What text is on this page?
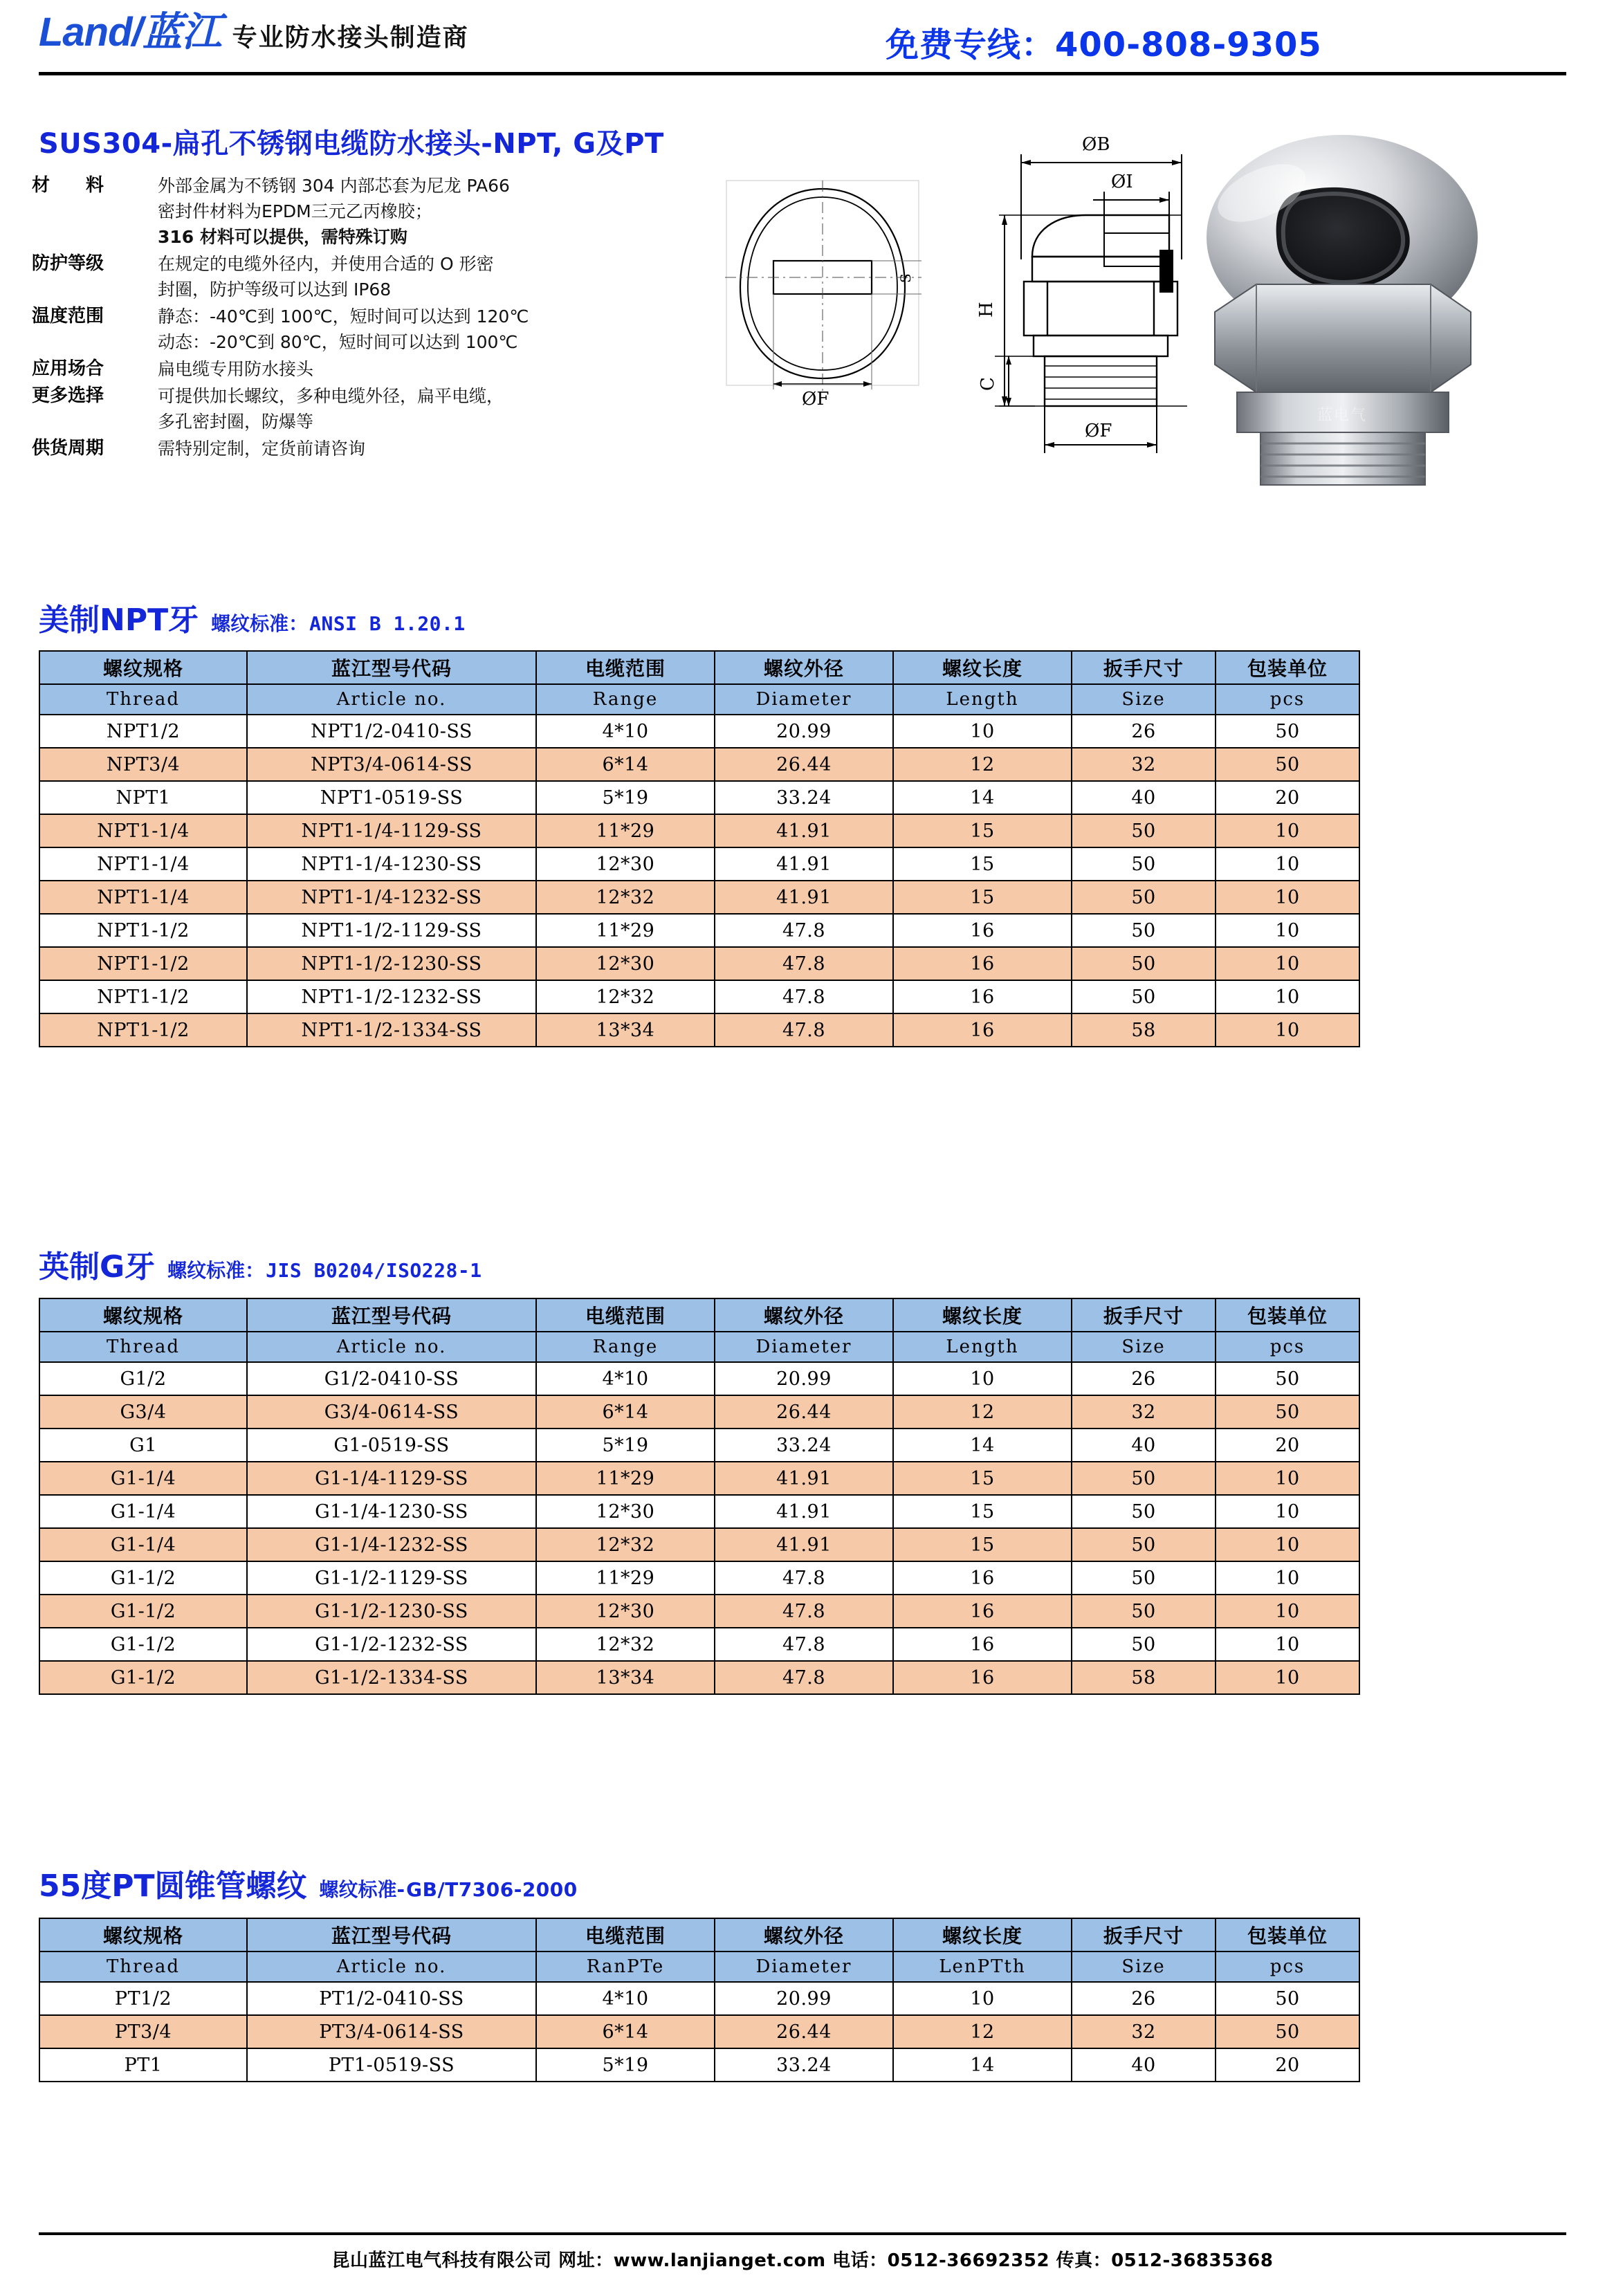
Land/蓝江 专业防水接头制造商	免费专线：400-808-9305
SUS304-扁孔不锈钢电缆防水接头-NPT, G及PT
材　　料	外部金属为不锈钢 304 内部芯套为尼龙 PA66
密封件材料为EPDM三元乙丙橡胶；
316 材料可以提供，需特殊订购
防护等级	在规定的电缆外径内，并使用合适的 O 形密
封圈，防护等级可以达到 IP68
温度范围	静态：-40℃到 100℃，短时间可以达到 120℃
动态：-20℃到 80℃，短时间可以达到 100℃
应用场合	扁电缆专用防水接头
更多选择	可提供加长螺纹，多种电缆外径，扁平电缆，
多孔密封圈，防爆等
供货周期	需特别定制，定货前请咨询
ØF
S
ØB
ØI
H
C
ØF
蓝电气
美制NPT牙 螺纹标准：ANSI B 1.20.1
螺纹规格	蓝江型号代码	电缆范围	螺纹外径	螺纹长度	扳手尺寸	包装单位
Thread	Article no.	Range	Diameter	Length	Size	pcs
NPT1/2	NPT1/2-0410-SS	4*10	20.99	10	26	50
NPT3/4	NPT3/4-0614-SS	6*14	26.44	12	32	50
NPT1	NPT1-0519-SS	5*19	33.24	14	40	20
NPT1-1/4	NPT1-1/4-1129-SS	11*29	41.91	15	50	10
NPT1-1/4	NPT1-1/4-1230-SS	12*30	41.91	15	50	10
NPT1-1/4	NPT1-1/4-1232-SS	12*32	41.91	15	50	10
NPT1-1/2	NPT1-1/2-1129-SS	11*29	47.8	16	50	10
NPT1-1/2	NPT1-1/2-1230-SS	12*30	47.8	16	50	10
NPT1-1/2	NPT1-1/2-1232-SS	12*32	47.8	16	50	10
NPT1-1/2	NPT1-1/2-1334-SS	13*34	47.8	16	58	10
英制G牙 螺纹标准：JIS B0204/ISO228-1
螺纹规格	蓝江型号代码	电缆范围	螺纹外径	螺纹长度	扳手尺寸	包装单位
Thread	Article no.	Range	Diameter	Length	Size	pcs
G1/2	G1/2-0410-SS	4*10	20.99	10	26	50
G3/4	G3/4-0614-SS	6*14	26.44	12	32	50
G1	G1-0519-SS	5*19	33.24	14	40	20
G1-1/4	G1-1/4-1129-SS	11*29	41.91	15	50	10
G1-1/4	G1-1/4-1230-SS	12*30	41.91	15	50	10
G1-1/4	G1-1/4-1232-SS	12*32	41.91	15	50	10
G1-1/2	G1-1/2-1129-SS	11*29	47.8	16	50	10
G1-1/2	G1-1/2-1230-SS	12*30	47.8	16	50	10
G1-1/2	G1-1/2-1232-SS	12*32	47.8	16	50	10
G1-1/2	G1-1/2-1334-SS	13*34	47.8	16	58	10
55度PT圆锥管螺纹 螺纹标准-GB/T7306-2000
螺纹规格	蓝江型号代码	电缆范围	螺纹外径	螺纹长度	扳手尺寸	包装单位
Thread	Article no.	RanPTe	Diameter	LenPTth	Size	pcs
PT1/2	PT1/2-0410-SS	4*10	20.99	10	26	50
PT3/4	PT3/4-0614-SS	6*14	26.44	12	32	50
PT1	PT1-0519-SS	5*19	33.24	14	40	20
昆山蓝江电气科技有限公司 网址：www.lanjianget.com 电话：0512-36692352 传真：0512-36835368
